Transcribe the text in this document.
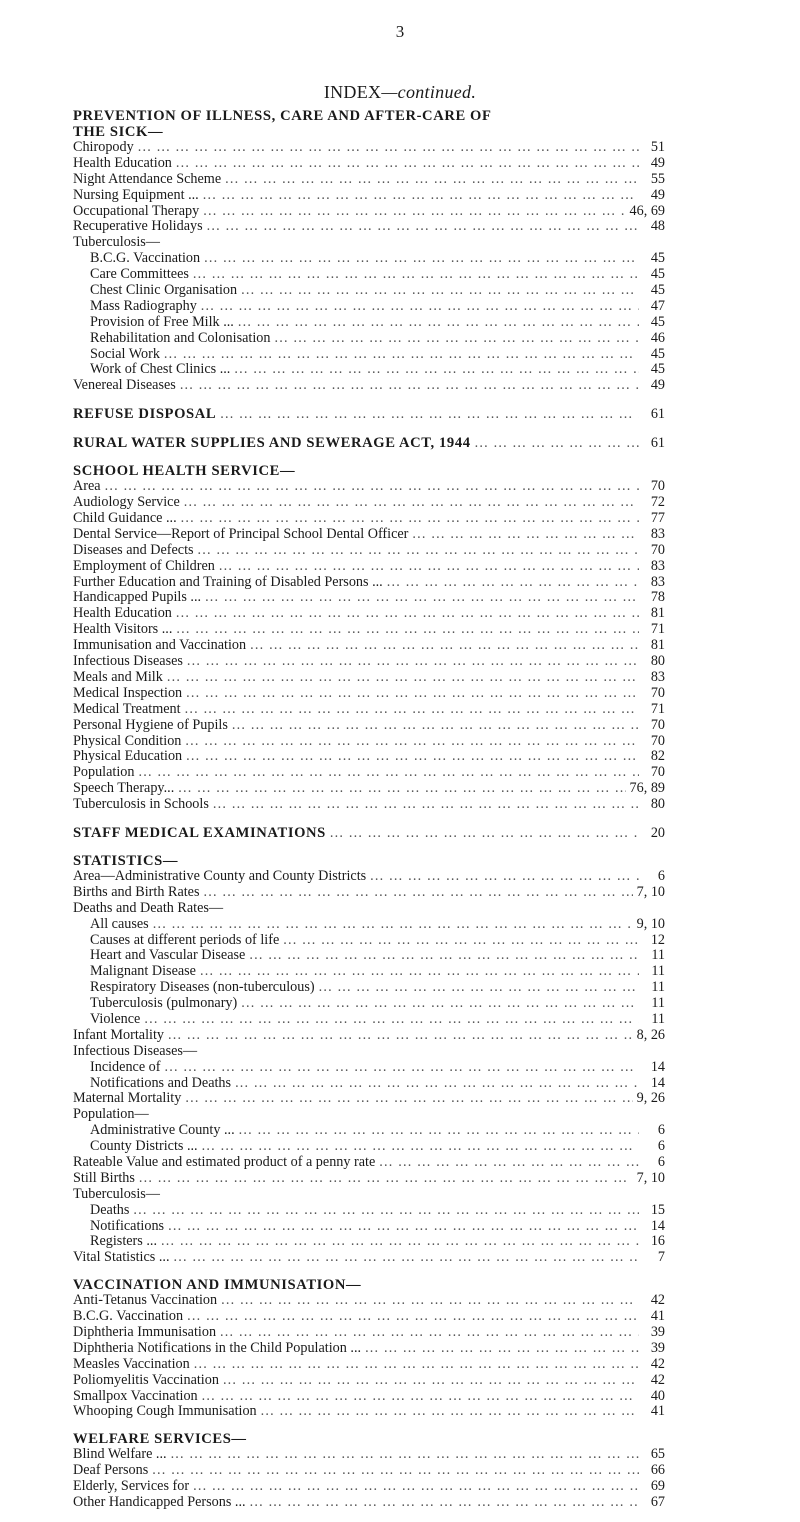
3
INDEX—continued.
PREVENTION OF ILLNESS, CARE AND AFTER-CARE OF
THE SICK—
Chiropody ... .	51
Health Education ... .	49
Night Attendance Scheme ... .	55
Nursing Equipment ... ... .	49
Occupational Therapy ... .	46, 69
Recuperative Holidays ... .	48
Tuberculosis—
B.C.G. Vaccination ... .	45
Care Committees ... .	45
Chest Clinic Organisation ... .	45
Mass Radiography ... .	47
Provision of Free Milk ... ... .	45
Rehabilitation and Colonisation ... .	46
Social Work ... .	45
Work of Chest Clinics ... ... .	45
Venereal Diseases ... .	49
REFUSE DISPOSAL ... .	61
RURAL WATER SUPPLIES AND SEWERAGE ACT, 1944 ... .	61
SCHOOL HEALTH SERVICE—
Area ... .	70
Audiology Service ... .	72
Child Guidance ... ... .	77
Dental Service—Report of Principal School Dental Officer ... .	83
Diseases and Defects ... .	70
Employment of Children ... .	83
Further Education and Training of Disabled Persons ... ... .	83
Handicapped Pupils ... ... .	78
Health Education ... .	81
Health Visitors ... ... .	71
Immunisation and Vaccination ... .	81
Infectious Diseases ... .	80
Meals and Milk ... .	83
Medical Inspection ... .	70
Medical Treatment ... .	71
Personal Hygiene of Pupils ... .	70
Physical Condition ... .	70
Physical Education ... .	82
Population ... .	70
Speech Therapy... ... .	76, 89
Tuberculosis in Schools ... .	80
STAFF MEDICAL EXAMINATIONS ... .	20
STATISTICS—
Area—Administrative County and County Districts ... .	6
Births and Birth Rates ... .	7, 10
Deaths and Death Rates—
All causes ... .	9, 10
Causes at different periods of life ... .	12
Heart and Vascular Disease ... .	11
Malignant Disease ... .	11
Respiratory Diseases (non-tuberculous) ... .	11
Tuberculosis (pulmonary) ... .	11
Violence ... .	11
Infant Mortality ... .	8, 26
Infectious Diseases—
Incidence of ... .	14
Notifications and Deaths ... .	14
Maternal Mortality ... .	9, 26
Population—
Administrative County ... ... .	6
County Districts ... ... .	6
Rateable Value and estimated product of a penny rate ... .	6
Still Births ... .	7, 10
Tuberculosis—
Deaths ... .	15
Notifications ... .	14
Registers ... ... .	16
Vital Statistics ... ... .	7
VACCINATION AND IMMUNISATION—
Anti-Tetanus Vaccination ... .	42
B.C.G. Vaccination ... .	41
Diphtheria Immunisation ... .	39
Diphtheria Notifications in the Child Population ... ... .	39
Measles Vaccination ... .	42
Poliomyelitis Vaccination ... .	42
Smallpox Vaccination ... .	40
Whooping Cough Immunisation ... .	41
WELFARE SERVICES—
Blind Welfare ... ... .	65
Deaf Persons ... .	66
Elderly, Services for ... .	69
Other Handicapped Persons ... ... .	67
